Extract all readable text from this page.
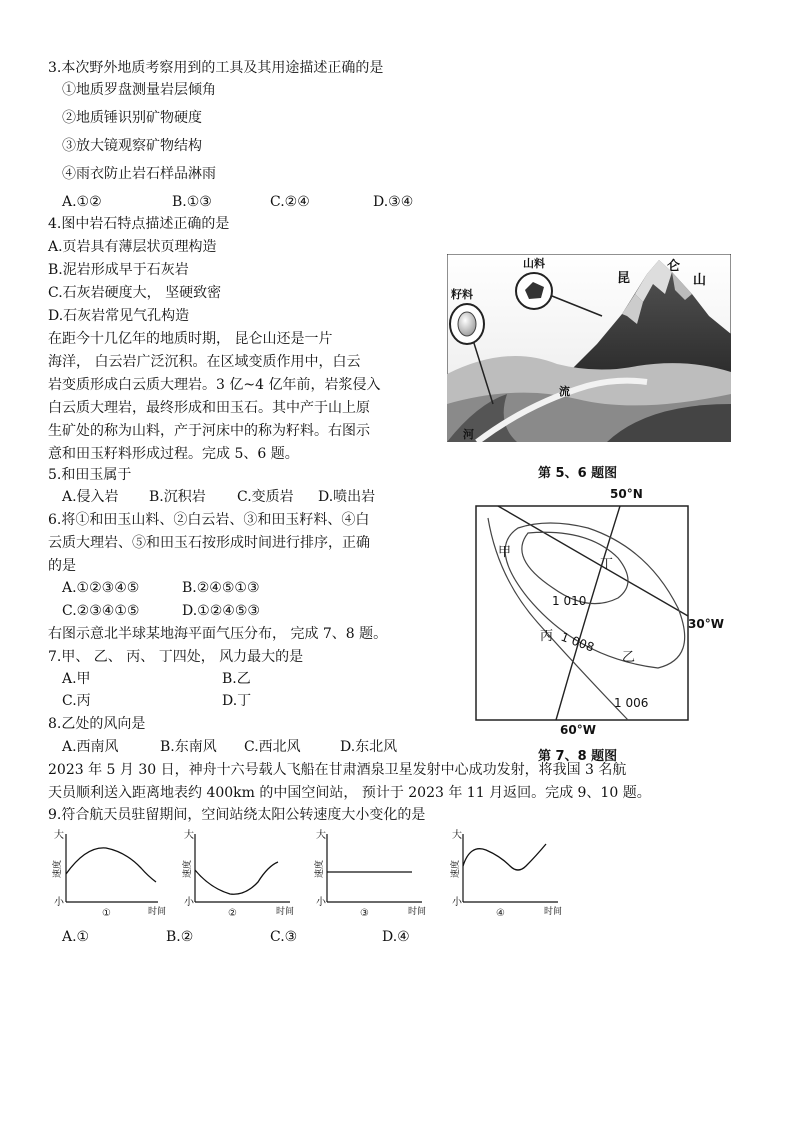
3.本次野外地质考察用到的工具及其用途描述正确的是
①地质罗盘测量岩层倾角
②地质锤识别矿物硬度
③放大镜观察矿物结构
④雨衣防止岩石样品淋雨
A.①②	B.①③	C.②④	D.③④
4.图中岩石特点描述正确的是
A.页岩具有薄层状页理构造
B.泥岩形成早于石灰岩
C.石灰岩硬度大， 坚硬致密
D.石灰岩常见气孔构造
在距今十几亿年的地质时期， 昆仑山还是一片
海洋， 白云岩广泛沉积。在区域变质作用中，白云
岩变质形成白云质大理岩。3 亿~4 亿年前，岩浆侵入
白云质大理岩，最终形成和田玉石。其中产于山上原
生矿处的称为山料，产于河床中的称为籽料。右图示
意和田玉籽料形成过程。完成 5、6 题。
山料
籽料
昆
仑
山
流
河
第 5、6 题图
5.和田玉属于
A.侵入岩 B.沉积岩 C.变质岩 D.喷出岩
6.将①和田玉山料、②白云岩、③和田玉籽料、④白
云质大理岩、⑤和田玉石按形成时间进行排序，正确
的是
A.①②③④⑤	B.②④⑤①③
C.②③④①⑤	D.①②④⑤③
右图示意北半球某地海平面气压分布， 完成 7、8 题。
50°N
30°W
60°W
1 010
1 008
1 006
甲
丁
丙
乙
第 7、8 题图
7.甲、 乙、 丙、 丁四处， 风力最大的是
A.甲	B.乙
C.丙	D.丁
8.乙处的风向是
A.西南风	B.东南风 C.西北风	D.东北风
2023 年 5 月 30 日，神舟十六号载人飞船在甘肃酒泉卫星发射中心成功发射，将我国 3 名航
天员顺利送入距离地表约 400km 的中国空间站， 预计于 2023 年 11 月返回。完成 9、10 题。
9.符合航天员驻留期间，空间站绕太阳公转速度大小变化的是
大
小
速度
时间
①
大
小
速度
时间
②
大
小
速度
时间
③
大
小
速度
时间
④
A.①	B.②	C.③	D.④
